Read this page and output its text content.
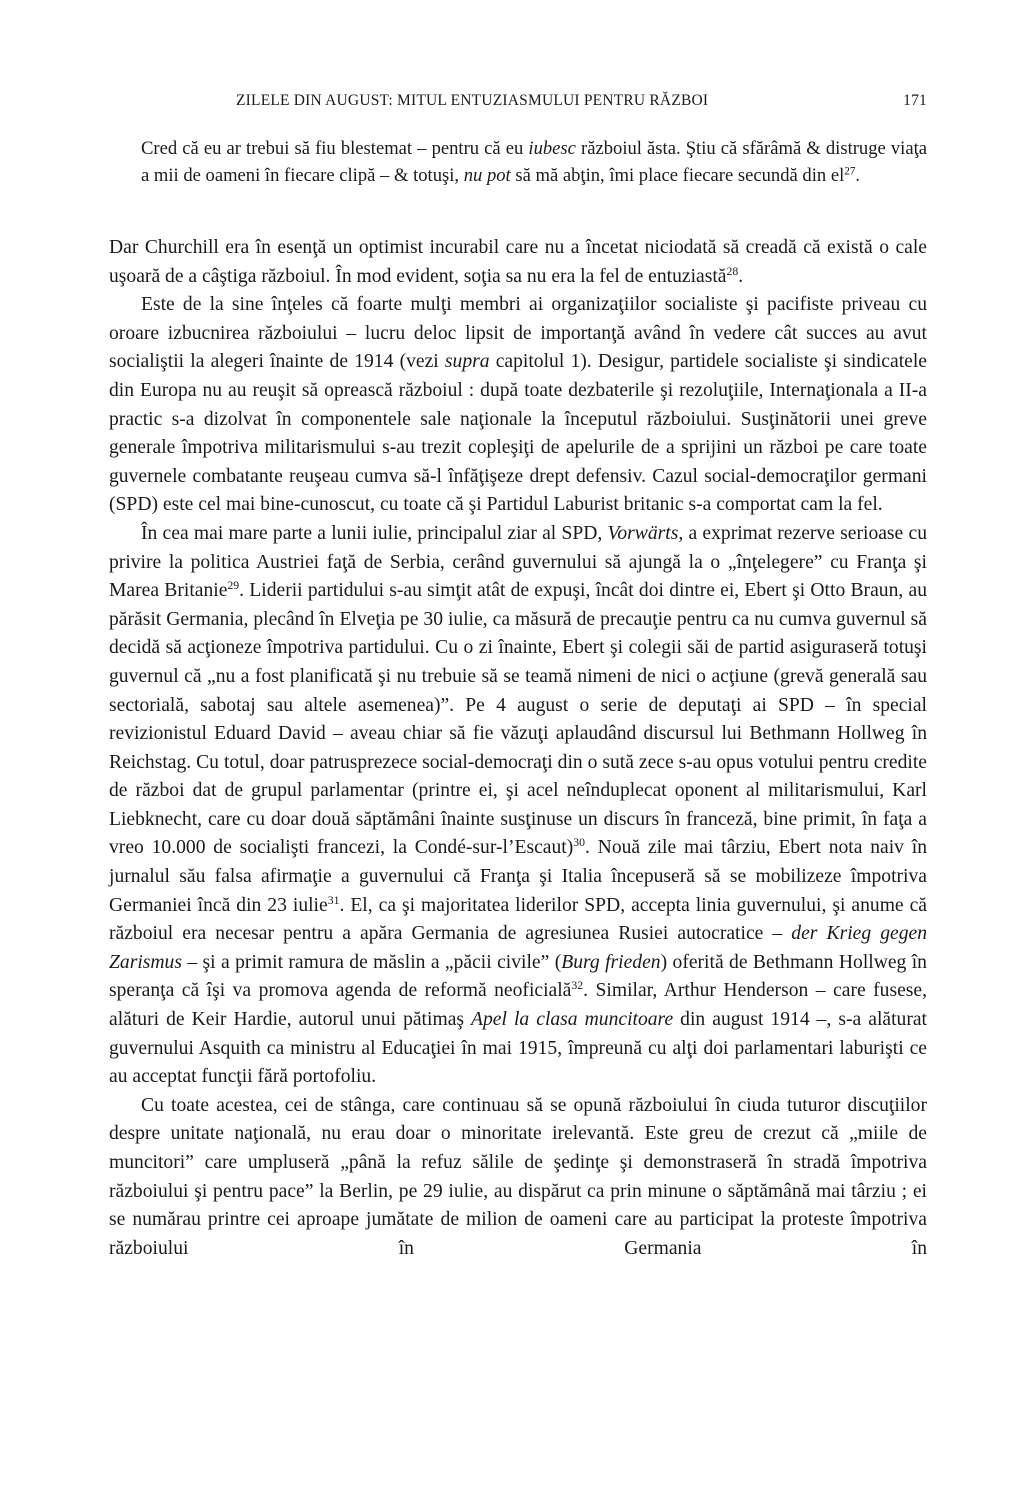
ZILELE DIN AUGUST: MITUL ENTUZIASMULUI PENTRU RĂZBOI	171

Cred că eu ar trebui să fiu blestemat – pentru că eu iubesc războiul ăsta. Ştiu că sfărâmă & distruge viaţa a mii de oameni în fiecare clipă – & totuşi, nu pot să mă abţin, îmi place fiecare secundă din $el^{27}$.

Dar Churchill era în esenţă un optimist incurabil care nu a încetat niciodată să creadă că există o cale uşoară de a câştiga războiul. În mod evident, soţia sa nu era la fel de entuziastă$^{28}$.

Este de la sine înţeles că foarte mulţi membri ai organizaţiilor socialiste şi pacifiste priveau cu oroare izbucnirea războiului – lucru deloc lipsit de importanţă având în vedere cât succes au avut socialiştii la alegeri înainte de 1914 (vezi supra capitolul 1). Desigur, partidele socialiste şi sindicatele din Europa nu au reuşit să oprească războiul : după toate dezbaterile şi rezoluţiile, Internaţionala a II-a practic s-a dizolvat în componentele sale naţionale la începutul războiului. Susţinătorii unei greve generale împotriva militarismului s-au trezit copleşiţi de apelurile de a sprijini un război pe care toate guvernele combatante reuşeau cumva să-l înfăţişeze drept defensiv. Cazul social-democraţilor germani (SPD) este cel mai bine-cunoscut, cu toate că şi Partidul Laburist britanic s-a comportat cam la fel.

În cea mai mare parte a lunii iulie, principalul ziar al SPD, Vorwärts, a exprimat rezerve serioase cu privire la politica Austriei faţă de Serbia, cerând guvernului să ajungă la o „înţelegere” cu Franţa şi Marea Britanie$^{29}$. Liderii partidului s-au simţit atât de expuşi, încât doi dintre ei, Ebert şi Otto Braun, au părăsit Germania, plecând în Elveţia pe 30 iulie, ca măsură de precauţie pentru ca nu cumva guvernul să decidă să acţioneze împotriva partidului. Cu o zi înainte, Ebert şi colegii săi de partid asiguraseră totuşi guvernul că „nu a fost planificată şi nu trebuie să se teamă nimeni de nici o acţiune (grevă generală sau sectorială, sabotaj sau altele asemenea)”. Pe 4 august o serie de deputaţi ai SPD – în special revizionistul Eduard David – aveau chiar să fie văzuţi aplaudând discursul lui Bethmann Hollweg în Reichstag. Cu totul, doar patrusprezece social-democraţi din o sută zece s-au opus votului pentru credite de război dat de grupul parlamentar (printre ei, şi acel neînduplecat oponent al militarismului, Karl Liebknecht, care cu doar două săptămâni înainte susţinuse un discurs în franceză, bine primit, în faţa a vreo 10.000 de socialişti francezi, la Condé-sur-l’Escaut)$^{30}$. Nouă zile mai târziu, Ebert nota naiv în jurnalul său falsa afirmaţie a guvernului că Franţa şi Italia începuseră să se mobilizeze împotriva Germaniei încă din 23 iulie$^{31}$. El, ca şi majoritatea liderilor SPD, accepta linia guvernului, şi anume că războiul era necesar pentru a apăra Germania de agresiunea Rusiei autocratice – der Krieg gegen Zarismus – şi a primit ramura de măslin a „păcii civile” (Burg frieden) oferită de Bethmann Hollweg în speranţa că îşi va promova agenda de reformă neoficială$^{32}$. Similar, Arthur Henderson – care fusese, alături de Keir Hardie, autorul unui pătimaş Apel la clasa muncitoare din august 1914 –, s-a alăturat guvernului Asquith ca ministru al Educaţiei în mai 1915, împreună cu alţi doi parlamentari laburişti ce au acceptat funcţii fără portofoliu.

Cu toate acestea, cei de stânga, care continuau să se opună războiului în ciuda tuturor discuţiilor despre unitate naţională, nu erau doar o minoritate irelevantă. Este greu de crezut că „miile de muncitori” care umpluseră „până la refuz sălile de şedinţe şi demonstraseră în stradă împotriva războiului şi pentru pace” la Berlin, pe 29 iulie, au dispărut ca prin minune o săptămână mai târziu ; ei se numărau printre cei aproape jumătate de milion de oameni care au participat la proteste împotriva războiului în Germania în
